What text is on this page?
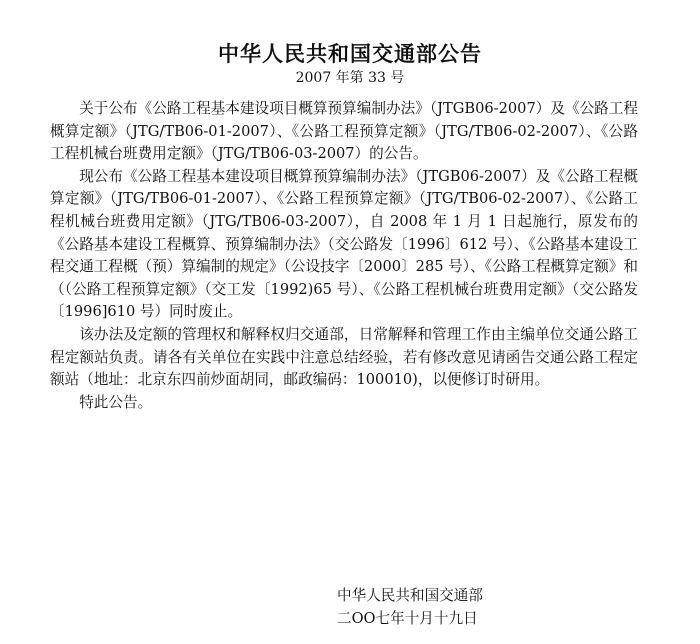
中华人民共和国交通部公告
2007 年第 33 号

关于公布《公路工程基本建设项目概算预算编制办法》（JTGB06-2007）及《公路工程概算定额》（JTG/TB06-01-2007）、《公路工程预算定额》（JTG/TB06-02-2007）、《公路工程机械台班费用定额》（JTG/TB06-03-2007）的公告。

现公布《公路工程基本建设项目概算预算编制办法》（JTGB06-2007）及《公路工程概算定额》（JTG/TB06-01-2007）、《公路工程预算定额》（JTG/TB06-02-2007）、《公路工程机械台班费用定额》（JTG/TB06-03-2007），自 2008 年 1 月 1 日起施行，原发布的《公路基本建设工程概算、预算编制办法》（交公路发〔1996〕612 号）、《公路基本建设工程交通工程概（预）算编制的规定》（公设技字〔2000〕285 号）、《公路工程概算定额》和（（公路工程预算定额》（交工发〔1992)65 号）、《公路工程机械台班费用定额》（交公路发〔1996]610 号）同时废止。

该办法及定额的管理权和解释权归交通部，日常解释和管理工作由主编单位交通公路工程定额站负责。请各有关单位在实践中注意总结经验，若有修改意见请函告交通公路工程定额站（地址：北京东四前炒面胡同，邮政编码：100010)，以便修订时研用。

特此公告。

中华人民共和国交通部
二OO七年十月十九日
